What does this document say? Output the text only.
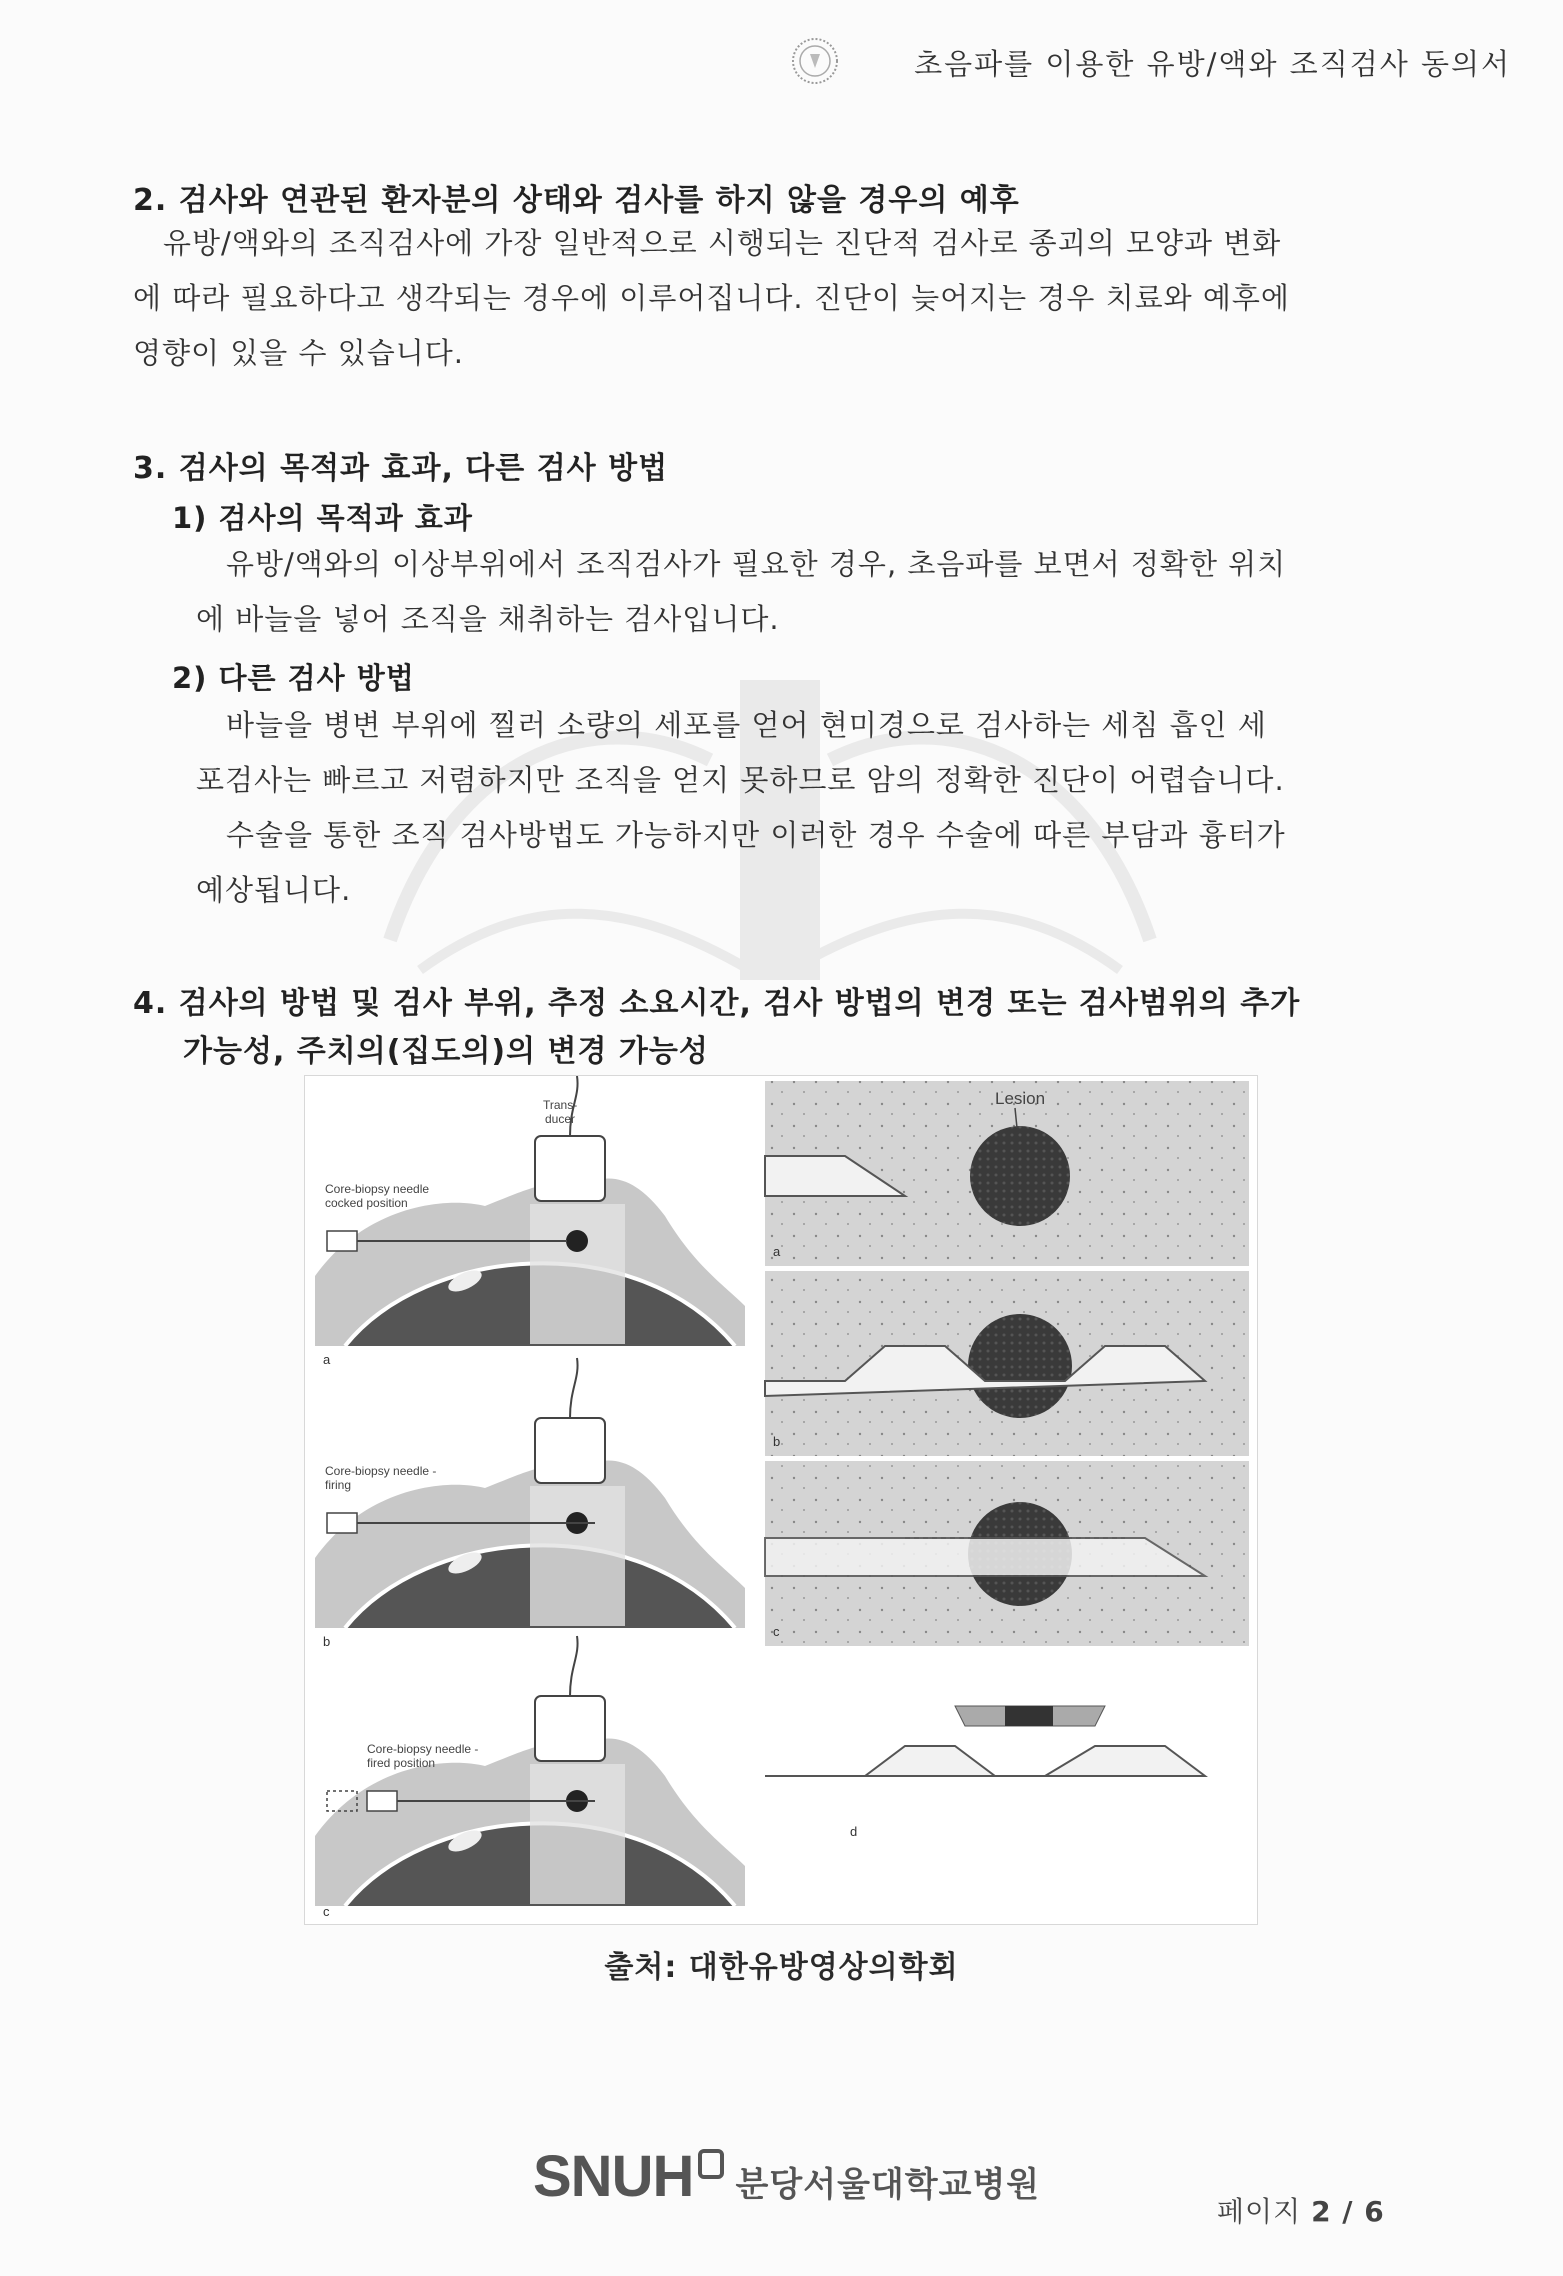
초음파를 이용한 유방/액와 조직검사 동의서
2. 검사와 연관된 환자분의 상태와 검사를 하지 않을 경우의 예후
유방/액와의 조직검사에 가장 일반적으로 시행되는 진단적 검사로 종괴의 모양과 변화
에 따라 필요하다고 생각되는 경우에 이루어집니다. 진단이 늦어지는 경우 치료와 예후에
영향이 있을 수 있습니다.
3. 검사의 목적과 효과, 다른 검사 방법
1) 검사의 목적과 효과
유방/액와의 이상부위에서 조직검사가 필요한 경우, 초음파를 보면서 정확한 위치
에 바늘을 넣어 조직을 채취하는 검사입니다.
2) 다른 검사 방법
바늘을 병변 부위에 찔러 소량의 세포를 얻어 현미경으로 검사하는 세침 흡인 세
포검사는 빠르고 저렴하지만 조직을 얻지 못하므로 암의 정확한 진단이 어렵습니다.
수술을 통한 조직 검사방법도 가능하지만 이러한 경우 수술에 따른 부담과 흉터가
예상됩니다.
4. 검사의 방법 및 검사 부위, 추정 소요시간, 검사 방법의 변경 또는 검사범위의 추가
가능성, 주치의(집도의)의 변경 가능성
Trans-
ducer
Core-biopsy needle
cocked position
a
Core-biopsy needle -
firing
b
Core-biopsy needle -
fired position
c
Lesion
a
b
c
d
출처: 대한유방영상의학회
SNUH 분당서울대학교병원
페이지 2 / 6
